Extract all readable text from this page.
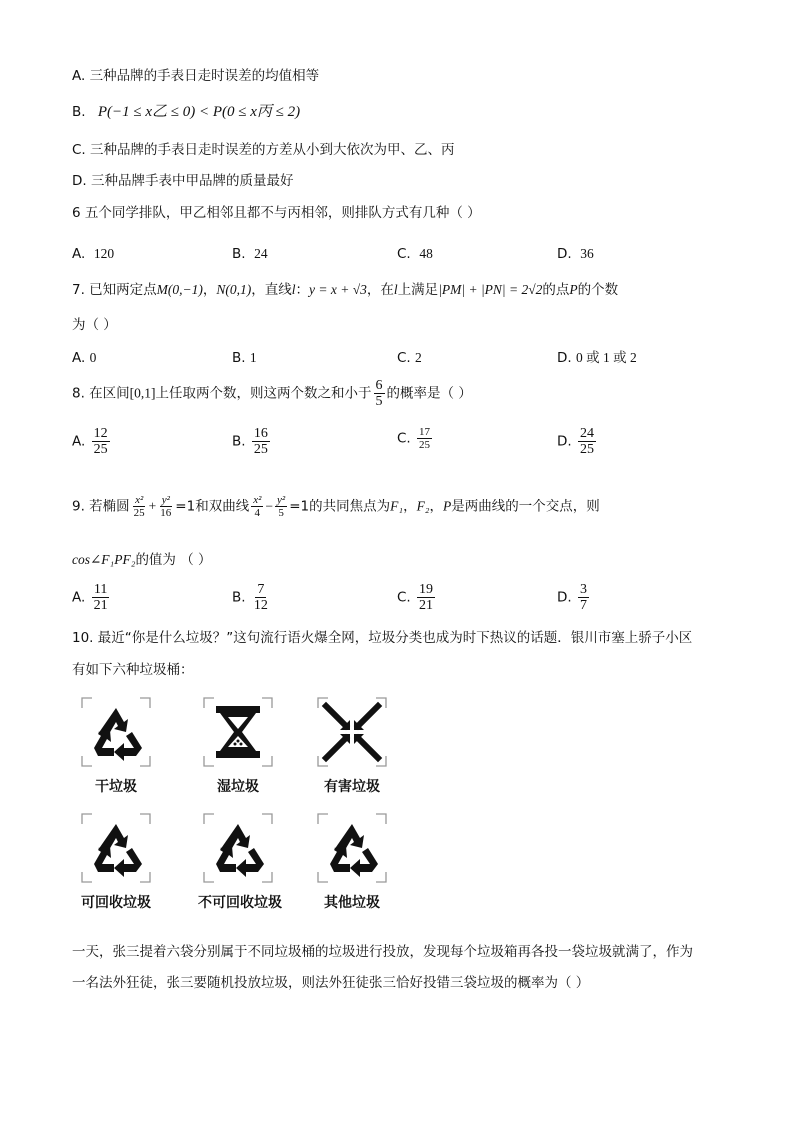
A. 三种品牌的手表日走时误差的均值相等
B. P(−1 ≤ x乙 ≤ 0) < P(0 ≤ x丙 ≤ 2)
C. 三种品牌的手表日走时误差的方差从小到大依次为甲、乙、丙
D. 三种品牌手表中甲品牌的质量最好
6 五个同学排队，甲乙相邻且都不与丙相邻，则排队方式有几种（ ）
A. 120	B. 24	C. 48	D. 36
7. 已知两定点M(0,−1)，N(0,1)，直线l：y = x + √3，在l上满足|PM| + |PN| = 2√2的点P的个数
为（ ）
A. 0	B. 1	C. 2	D. 0 或 1 或 2
8. 在区间[0,1]上任取两个数，则这两个数之和小于 $\frac{6}{5}$ 的概率是（ ）
A. $\frac{12}{25}$	B. $\frac{16}{25}$	C. $\frac{17}{25}$	D. $\frac{24}{25}$
9. 若椭圆 $\frac{\text{x²}}{25} + \frac{\text{y²}}{16} =1$和双曲线 $\frac{\text{x²}}{4} - \frac{\text{y²}}{5} =1$的共同焦点为F₁，F₂，P是两曲线的一个交点，则
cos∠F₁PF₂的值为 （ ）
A. $\frac{11}{21}$	B. $\frac{7}{12}$	C. $\frac{19}{21}$	D. $\frac{3}{7}$
10. 最近“你是什么垃圾？”这句流行语火爆全网，垃圾分类也成为时下热议的话题．银川市塞上骄子小区
有如下六种垃圾桶：
干垃圾	湿垃圾	有害垃圾
可回收垃圾	不可回收垃圾	其他垃圾
一天，张三提着六袋分别属于不同垃圾桶的垃圾进行投放，发现每个垃圾箱再各投一袋垃圾就满了，作为
一名法外狂徒，张三要随机投放垃圾，则法外狂徒张三恰好投错三袋垃圾的概率为（ ）
